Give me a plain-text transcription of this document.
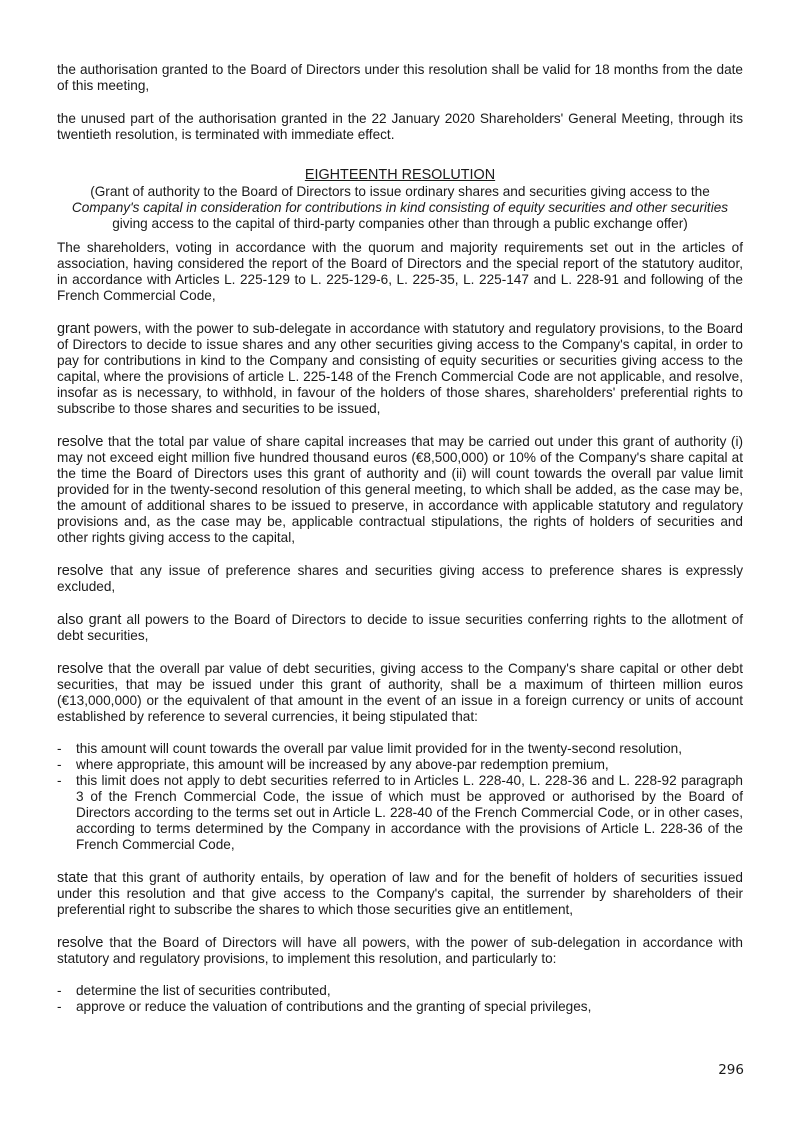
the authorisation granted to the Board of Directors under this resolution shall be valid for 18 months from the date of this meeting,

the unused part of the authorisation granted in the 22 January 2020 Shareholders' General Meeting, through its twentieth resolution, is terminated with immediate effect.

EIGHTEENTH RESOLUTION
(Grant of authority to the Board of Directors to issue ordinary shares and securities giving access to the
Company's capital in consideration for contributions in kind consisting of equity securities and other securities
giving access to the capital of third-party companies other than through a public exchange offer)

The shareholders, voting in accordance with the quorum and majority requirements set out in the articles of association, having considered the report of the Board of Directors and the special report of the statutory auditor, in accordance with Articles L. 225-129 to L. 225-129-6, L. 225-35, L. 225-147 and L. 228-91 and following of the French Commercial Code,

grant powers, with the power to sub-delegate in accordance with statutory and regulatory provisions, to the Board of Directors to decide to issue shares and any other securities giving access to the Company's capital, in order to pay for contributions in kind to the Company and consisting of equity securities or securities giving access to the capital, where the provisions of article L. 225-148 of the French Commercial Code are not applicable, and resolve, insofar as is necessary, to withhold, in favour of the holders of those shares, shareholders' preferential rights to subscribe to those shares and securities to be issued,

resolve that the total par value of share capital increases that may be carried out under this grant of authority (i) may not exceed eight million five hundred thousand euros (€8,500,000) or 10% of the Company's share capital at the time the Board of Directors uses this grant of authority and (ii) will count towards the overall par value limit provided for in the twenty-second resolution of this general meeting, to which shall be added, as the case may be, the amount of additional shares to be issued to preserve, in accordance with applicable statutory and regulatory provisions and, as the case may be, applicable contractual stipulations, the rights of holders of securities and other rights giving access to the capital,

resolve that any issue of preference shares and securities giving access to preference shares is expressly excluded,

also grant all powers to the Board of Directors to decide to issue securities conferring rights to the allotment of debt securities,

resolve that the overall par value of debt securities, giving access to the Company's share capital or other debt securities, that may be issued under this grant of authority, shall be a maximum of thirteen million euros (€13,000,000) or the equivalent of that amount in the event of an issue in a foreign currency or units of account established by reference to several currencies, it being stipulated that:

- this amount will count towards the overall par value limit provided for in the twenty-second resolution,
- where appropriate, this amount will be increased by any above-par redemption premium,
- this limit does not apply to debt securities referred to in Articles L. 228-40, L. 228-36 and L. 228-92 paragraph 3 of the French Commercial Code, the issue of which must be approved or authorised by the Board of Directors according to the terms set out in Article L. 228-40 of the French Commercial Code, or in other cases, according to terms determined by the Company in accordance with the provisions of Article L. 228-36 of the French Commercial Code,

state that this grant of authority entails, by operation of law and for the benefit of holders of securities issued under this resolution and that give access to the Company's capital, the surrender by shareholders of their preferential right to subscribe the shares to which those securities give an entitlement,

resolve that the Board of Directors will have all powers, with the power of sub-delegation in accordance with statutory and regulatory provisions, to implement this resolution, and particularly to:

- determine the list of securities contributed,
- approve or reduce the valuation of contributions and the granting of special privileges,
296
